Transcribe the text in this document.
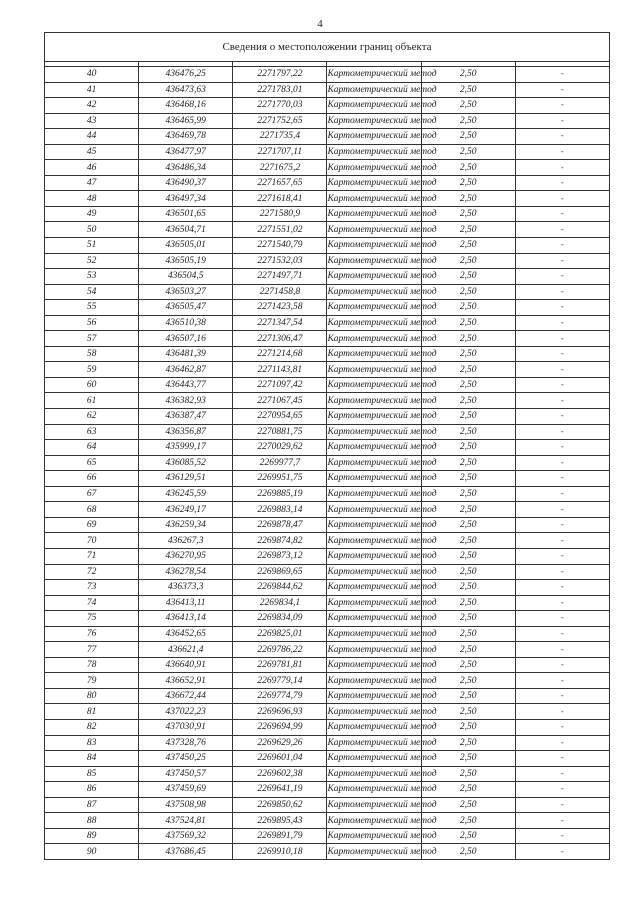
4
Сведения о местоположении границ объекта					

40	436476,25	2271797,22	Картометрический метод	2,50	-
41	436473,63	2271783,01	Картометрический метод	2,50	-
42	436468,16	2271770,03	Картометрический метод	2,50	-
43	436465,99	2271752,65	Картометрический метод	2,50	-
44	436469,78	2271735,4	Картометрический метод	2,50	-
45	436477,97	2271707,11	Картометрический метод	2,50	-
46	436486,34	2271675,2	Картометрический метод	2,50	-
47	436490,37	2271657,65	Картометрический метод	2,50	-
48	436497,34	2271618,41	Картометрический метод	2,50	-
49	436501,65	2271580,9	Картометрический метод	2,50	-
50	436504,71	2271551,02	Картометрический метод	2,50	-
51	436505,01	2271540,79	Картометрический метод	2,50	-
52	436505,19	2271532,03	Картометрический метод	2,50	-
53	436504,5	2271497,71	Картометрический метод	2,50	-
54	436503,27	2271458,8	Картометрический метод	2,50	-
55	436505,47	2271423,58	Картометрический метод	2,50	-
56	436510,38	2271347,54	Картометрический метод	2,50	-
57	436507,16	2271306,47	Картометрический метод	2,50	-
58	436481,39	2271214,68	Картометрический метод	2,50	-
59	436462,87	2271143,81	Картометрический метод	2,50	-
60	436443,77	2271097,42	Картометрический метод	2,50	-
61	436382,93	2271067,45	Картометрический метод	2,50	-
62	436387,47	2270954,65	Картометрический метод	2,50	-
63	436356,87	2270881,75	Картометрический метод	2,50	-
64	435999,17	2270029,62	Картометрический метод	2,50	-
65	436085,52	2269977,7	Картометрический метод	2,50	-
66	436129,51	2269951,75	Картометрический метод	2,50	-
67	436245,59	2269885,19	Картометрический метод	2,50	-
68	436249,17	2269883,14	Картометрический метод	2,50	-
69	436259,34	2269878,47	Картометрический метод	2,50	-
70	436267,3	2269874,82	Картометрический метод	2,50	-
71	436270,95	2269873,12	Картометрический метод	2,50	-
72	436278,54	2269869,65	Картометрический метод	2,50	-
73	436373,3	2269844,62	Картометрический метод	2,50	-
74	436413,11	2269834,1	Картометрический метод	2,50	-
75	436413,14	2269834,09	Картометрический метод	2,50	-
76	436452,65	2269825,01	Картометрический метод	2,50	-
77	436621,4	2269786,22	Картометрический метод	2,50	-
78	436640,91	2269781,81	Картометрический метод	2,50	-
79	436652,91	2269779,14	Картометрический метод	2,50	-
80	436672,44	2269774,79	Картометрический метод	2,50	-
81	437022,23	2269696,93	Картометрический метод	2,50	-
82	437030,91	2269694,99	Картометрический метод	2,50	-
83	437328,76	2269629,26	Картометрический метод	2,50	-
84	437450,25	2269601,04	Картометрический метод	2,50	-
85	437450,57	2269602,38	Картометрический метод	2,50	-
86	437459,69	2269641,19	Картометрический метод	2,50	-
87	437508,98	2269850,62	Картометрический метод	2,50	-
88	437524,81	2269895,43	Картометрический метод	2,50	-
89	437569,32	2269891,79	Картометрический метод	2,50	-
90	437686,45	2269910,18	Картометрический метод	2,50	-
